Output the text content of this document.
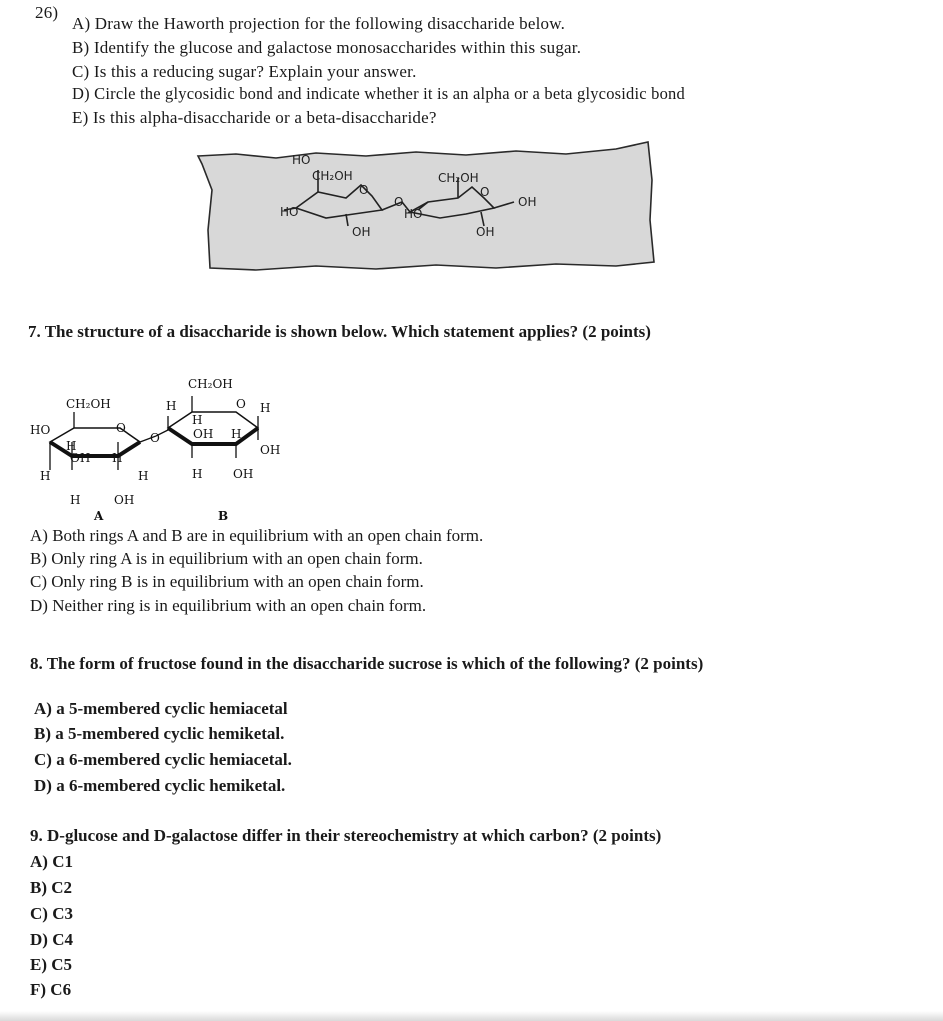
26)
A) Draw the Haworth projection for the following disaccharide below.
B) Identify the glucose and galactose monosaccharides within this sugar.
C) Is this a reducing sugar? Explain your answer.
D) Circle the glycosidic bond and indicate whether it is an alpha or a beta glycosidic bond
E) Is this alpha-disaccharide or a beta-disaccharide?
HO
CH₂OH	CH₂OH
HO	HO
OH	OH
OH
O
O
O
7. The structure of a disaccharide is shown below. Which statement applies? (2 points)
CH₂OH
CH₂OH
HO	O
O
O
H	H
H
OH H
OH
H	OH
H
OH H
H	H
H	OH
A	B
A) Both rings A and B are in equilibrium with an open chain form.
B) Only ring A is in equilibrium with an open chain form.
C) Only ring B is in equilibrium with an open chain form.
D) Neither ring is in equilibrium with an open chain form.
8. The form of fructose found in the disaccharide sucrose is which of the following? (2 points)
A) a 5-membered cyclic hemiacetal
B) a 5-membered cyclic hemiketal.
C) a 6-membered cyclic hemiacetal.
D) a 6-membered cyclic hemiketal.
9. D-glucose and D-galactose differ in their stereochemistry at which carbon? (2 points)
A) C1
B) C2
C) C3
D) C4
E) C5
F) C6
